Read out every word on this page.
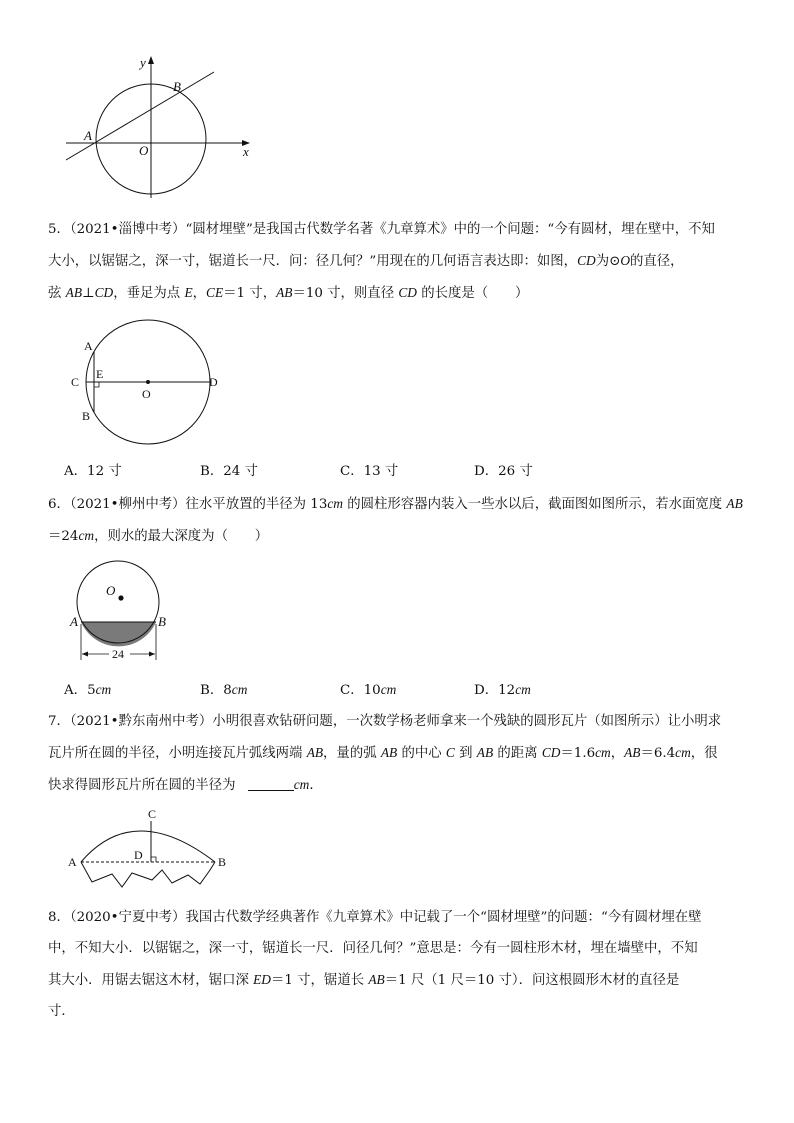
y
x
A
B
O

5．（2021•淄博中考）“圆材埋壁”是我国古代数学名著《九章算术》中的一个问题：“今有圆材，埋在壁中，不知

大小，以锯锯之，深一寸，锯道长一尺．问：径几何？”用现在的几何语言表达即：如图，CD为⊙O的直径，

弦 AB⊥CD，垂足为点 E，CE＝1 寸，AB＝10 寸，则直径 CD 的长度是（　　）

A
B
C	D
E
O
A．12 寸	B．24 寸	C．13 寸	D．26 寸

6．（2021•柳州中考）往水平放置的半径为 13cm 的圆柱形容器内装入一些水以后，截面图如图所示，若水面宽度 AB

＝24cm，则水的最大深度为（　　）

24
O
A	B
A．5cm	B．8cm	C．10cm	D．12cm

7．（2021•黔东南州中考）小明很喜欢钻研问题，一次数学杨老师拿来一个残缺的圆形瓦片（如图所示）让小明求

瓦片所在圆的半径，小明连接瓦片弧线两端 AB，量的弧 AB 的中心 C 到 AB 的距离 CD＝1.6cm，AB＝6.4cm，很

快求得圆形瓦片所在圆的半径为	cm．

A	B
C
D

8．（2020•宁夏中考）我国古代数学经典著作《九章算术》中记载了一个“圆材埋壁”的问题：“今有圆材埋在壁

中，不知大小．以锯锯之，深一寸，锯道长一尺．问径几何？”意思是：今有一圆柱形木材，埋在墙壁中，不知

其大小．用锯去锯这木材，锯口深 ED＝1 寸，锯道长 AB＝1 尺（1 尺＝10 寸）．问这根圆形木材的直径是

寸．
